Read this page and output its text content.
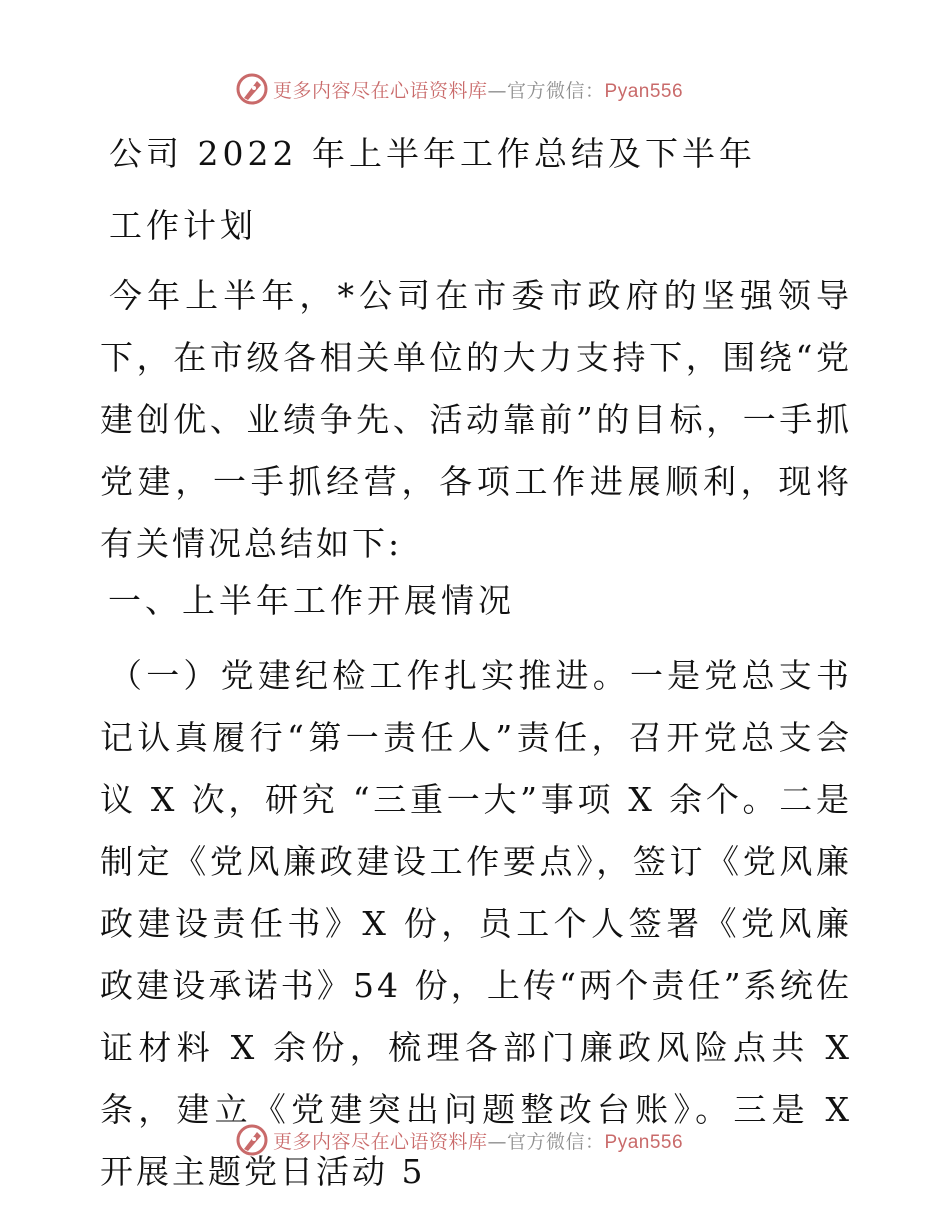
更多内容尽在心语资料库—官方微信：Pyan556
公司 2022 年上半年工作总结及下半年
工作计划

今年上半年，*公司在市委市政府的坚强领导下，在市级各相关单位的大力支持下，围绕“党建创优、业绩争先、活动靠前”的目标，一手抓党建，一手抓经营，各项工作进展顺利，现将有关情况总结如下:

一、上半年工作开展情况

（一）党建纪检工作扎实推进。一是党总支书记认真履行“第一责任人”责任，召开党总支会议 X 次，研究 “三重一大”事项 X 余个。二是制定《党风廉政建设工作要点》，签订《党风廉政建设责任书》X 份，员工个人签署《党风廉政建设承诺书》54 份，上传“两个责任”系统佐证材料 X 余份，梳理各部门廉政风险点共 X 条，建立《党建突出问题整改台账》。三是 X 开展主题党日活动 5

更多内容尽在心语资料库—官方微信：Pyan556
